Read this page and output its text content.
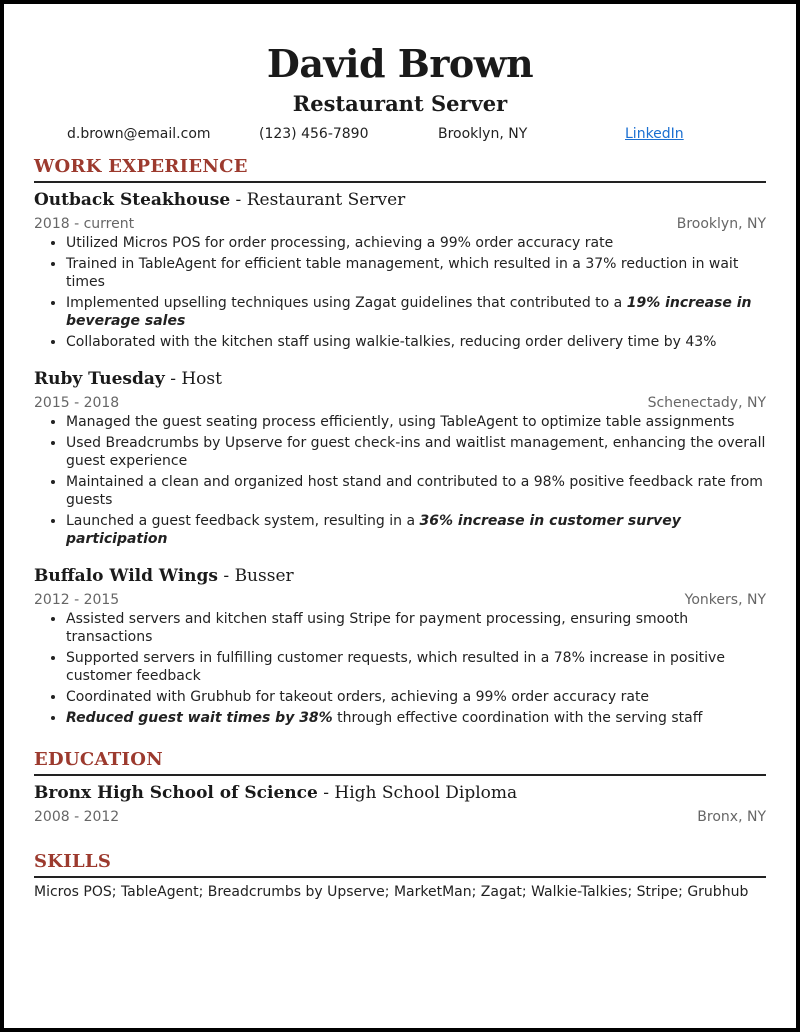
David Brown
Restaurant Server
d.brown@email.com	(123) 456-7890	Brooklyn, NY	LinkedIn
WORK EXPERIENCE
Outback Steakhouse - Restaurant Server
2018 - current	Brooklyn, NY
• Utilized Micros POS for order processing, achieving a 99% order accuracy rate
• Trained in TableAgent for efficient table management, which resulted in a 37% reduction in wait times
• Implemented upselling techniques using Zagat guidelines that contributed to a 19% increase in beverage sales
• Collaborated with the kitchen staff using walkie-talkies, reducing order delivery time by 43%
Ruby Tuesday - Host
2015 - 2018	Schenectady, NY
• Managed the guest seating process efficiently, using TableAgent to optimize table assignments
• Used Breadcrumbs by Upserve for guest check-ins and waitlist management, enhancing the overall guest experience
• Maintained a clean and organized host stand and contributed to a 98% positive feedback rate from guests
• Launched a guest feedback system, resulting in a 36% increase in customer survey participation
Buffalo Wild Wings - Busser
2012 - 2015	Yonkers, NY
• Assisted servers and kitchen staff using Stripe for payment processing, ensuring smooth transactions
• Supported servers in fulfilling customer requests, which resulted in a 78% increase in positive customer feedback
• Coordinated with Grubhub for takeout orders, achieving a 99% order accuracy rate
• Reduced guest wait times by 38% through effective coordination with the serving staff
EDUCATION
Bronx High School of Science - High School Diploma
2008 - 2012	Bronx, NY
SKILLS
Micros POS; TableAgent; Breadcrumbs by Upserve; MarketMan; Zagat; Walkie-Talkies; Stripe; Grubhub
